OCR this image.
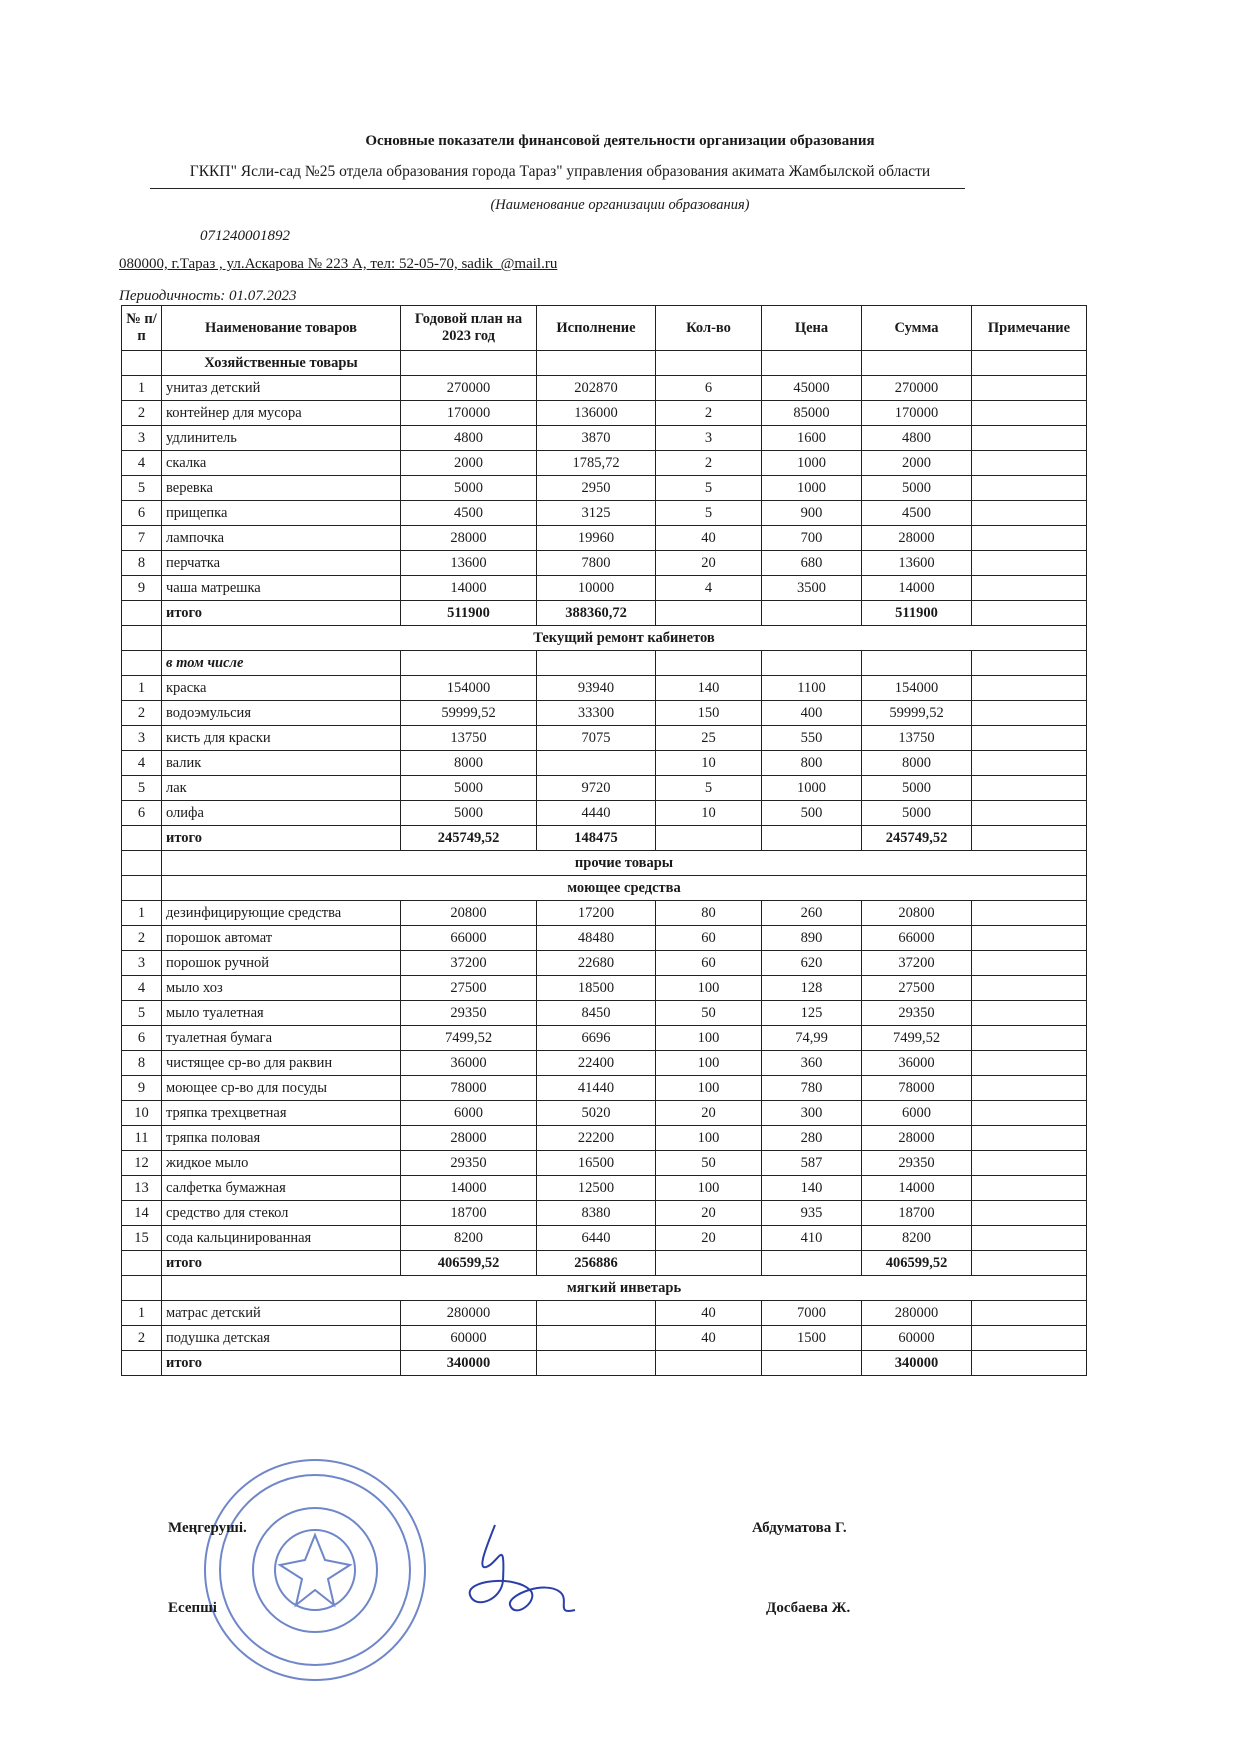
Основные показатели финансовой деятельности организации образования
ГККП" Ясли-сад №25 отдела образования города Тараз" управления образования акимата Жамбылской области
(Наименование организации образования)
071240001892
080000, г.Тараз , ул.Аскарова № 223 А, тел: 52-05-70, sadik_@mail.ru
Периодичность: 01.07.2023
№ п/п	Наименование товаров	Годовой план на 2023 год	Исполнение	Кол-во	Цена	Сумма	Примечание
	Хозяйственные товары						
1	унитаз детский	270000	202870	6	45000	270000	
2	контейнер для мусора	170000	136000	2	85000	170000	
3	удлинитель	4800	3870	3	1600	4800	
4	скалка	2000	1785,72	2	1000	2000	
5	веревка	5000	2950	5	1000	5000	
6	прищепка	4500	3125	5	900	4500	
7	лампочка	28000	19960	40	700	28000	
8	перчатка	13600	7800	20	680	13600	
9	чаша матрешка	14000	10000	4	3500	14000	
	итого	511900	388360,72			511900	
	Текущий ремонт кабинетов						
	в том числе						
1	краска	154000	93940	140	1100	154000	
2	водоэмульсия	59999,52	33300	150	400	59999,52	
3	кисть для краски	13750	7075	25	550	13750	
4	валик	8000		10	800	8000	
5	лак	5000	9720	5	1000	5000	
6	олифа	5000	4440	10	500	5000	
	итого	245749,52	148475			245749,52	
	прочие товары						
	моющее средства						
1	дезинфицирующие средства	20800	17200	80	260	20800	
2	порошок автомат	66000	48480	60	890	66000	
3	порошок ручной	37200	22680	60	620	37200	
4	мыло хоз	27500	18500	100	128	27500	
5	мыло туалетная	29350	8450	50	125	29350	
6	туалетная бумага	7499,52	6696	100	74,99	7499,52	
8	чистящее ср-во для раквин	36000	22400	100	360	36000	
9	моющее ср-во для посуды	78000	41440	100	780	78000	
10	тряпка трехцветная	6000	5020	20	300	6000	
11	тряпка половая	28000	22200	100	280	28000	
12	жидкое мыло	29350	16500	50	587	29350	
13	салфетка бумажная	14000	12500	100	140	14000	
14	средство для стекол	18700	8380	20	935	18700	
15	сода кальцинированная	8200	6440	20	410	8200	
	итого	406599,52	256886			406599,52	
	мягкий инветарь						
1	матрас детский	280000		40	7000	280000	
2	подушка детская	60000		40	1500	60000	
	итого	340000				340000	
Меңгеруші.	Абдуматова Г.
Есепші	Досбаева Ж.
